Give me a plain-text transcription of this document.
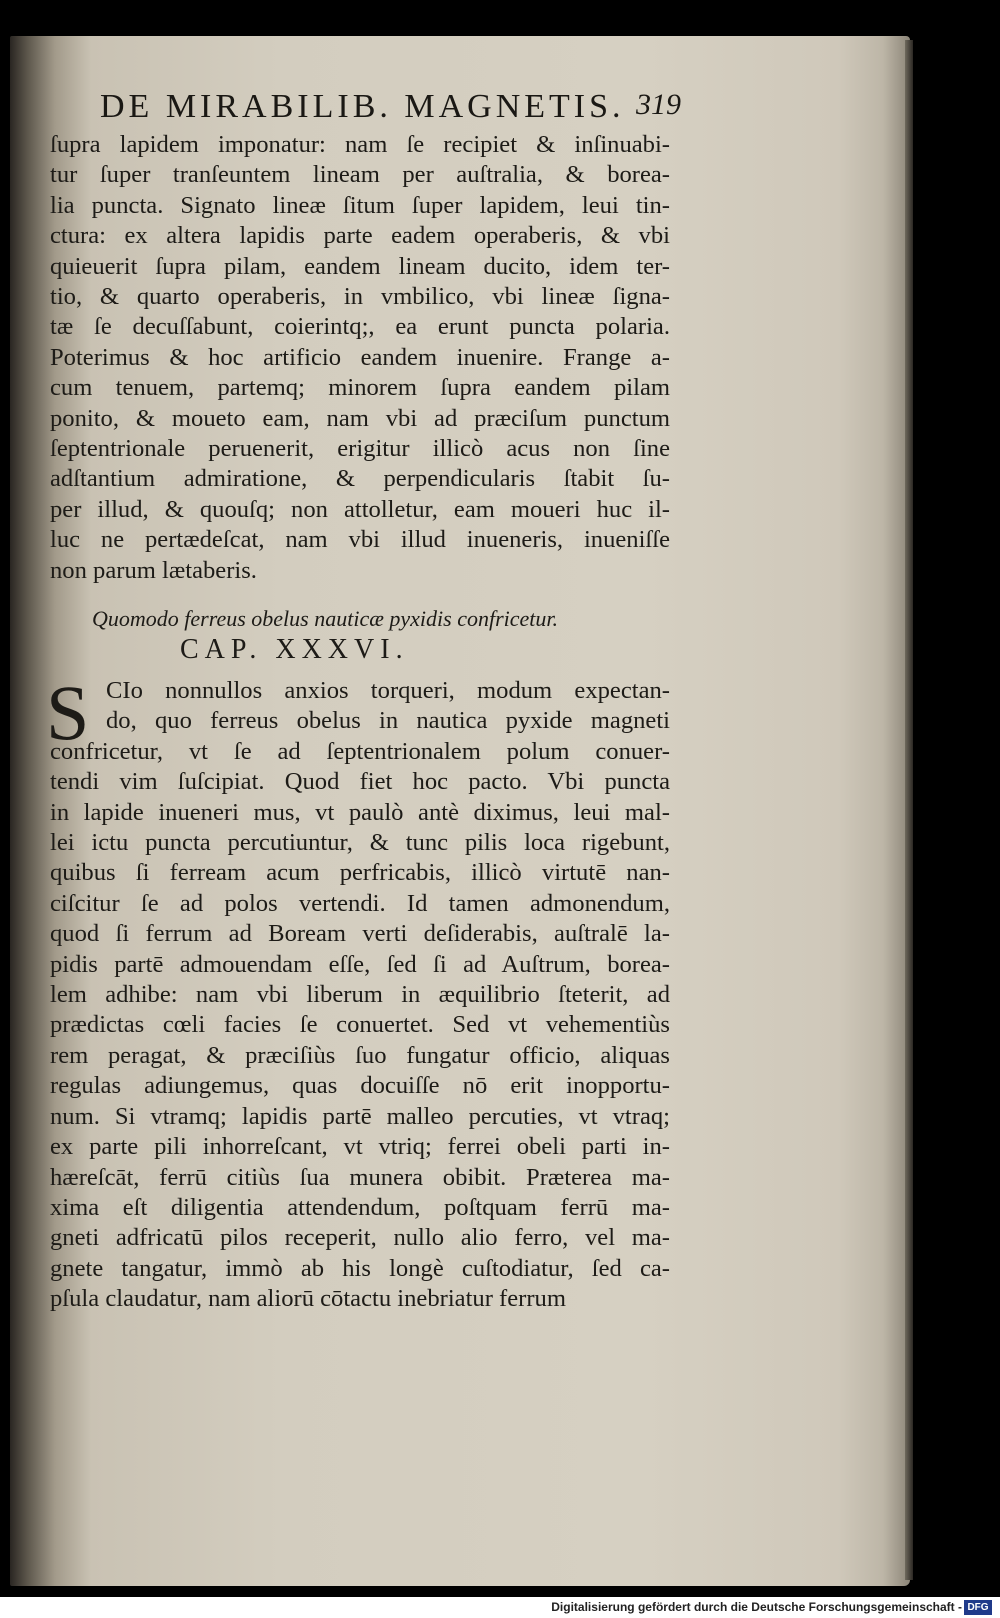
DE MIRABILIB. MAGNETIS. 319
ſupra lapidem imponatur: nam ſe recipiet & inſinuabi-
tur ſuper tranſeuntem lineam per auſtralia, & borea-
lia puncta. Signato lineæ ſitum ſuper lapidem, leui tin-
ctura: ex altera lapidis parte eadem operaberis, & vbi
quieuerit ſupra pilam, eandem lineam ducito, idem ter-
tio, & quarto operaberis, in vmbilico, vbi lineæ ſigna-
tæ ſe decuſſabunt, coierintq;, ea erunt puncta polaria.
Poterimus & hoc artificio eandem inuenire. Frange a-
cum tenuem, partemq; minorem ſupra eandem pilam
ponito, & moueto eam, nam vbi ad præciſum punctum
ſeptentrionale peruenerit, erigitur illicò acus non ſine
adſtantium admiratione, & perpendicularis ſtabit ſu-
per illud, & quouſq; non attolletur, eam moueri huc il-
luc ne pertædeſcat, nam vbi illud inueneris, inueniſſe
non parum lætaberis.
Quomodo ferreus obelus nauticæ pyxidis confricetur.
CAP. XXXVI.
S CIo nonnullos anxios torqueri, modum expectan-
do, quo ferreus obelus in nautica pyxide magneti
confricetur, vt ſe ad ſeptentrionalem polum conuer-
tendi vim ſuſcipiat. Quod fiet hoc pacto. Vbi puncta
in lapide inueneri mus, vt paulò antè diximus, leui mal-
lei ictu puncta percutiuntur, & tunc pilis loca rigebunt,
quibus ſi ferream acum perfricabis, illicò virtutē nan-
ciſcitur ſe ad polos vertendi. Id tamen admonendum,
quod ſi ferrum ad Boream verti deſiderabis, auſtralē la-
pidis partē admouendam eſſe, ſed ſi ad Auſtrum, borea-
lem adhibe: nam vbi liberum in æquilibrio ſteterit, ad
prædictas cœli facies ſe conuertet. Sed vt vehementiùs
rem peragat, & præciſiùs ſuo fungatur officio, aliquas
regulas adiungemus, quas docuiſſe nō erit inopportu-
num. Si vtramq; lapidis partē malleo percuties, vt vtraq;
ex parte pili inhorreſcant, vt vtriq; ferrei obeli parti in-
hæreſcāt, ferrū citiùs ſua munera obibit. Præterea ma-
xima eſt diligentia attendendum, poſtquam ferrū ma-
gneti adfricatū pilos receperit, nullo alio ferro, vel ma-
gnete tangatur, immò ab his longè cuſtodiatur, ſed ca-
pſula claudatur, nam aliorū cōtactu inebriatur ferrum
Digitalisierung gefördert durch die Deutsche Forschungsgemeinschaft - DFG
